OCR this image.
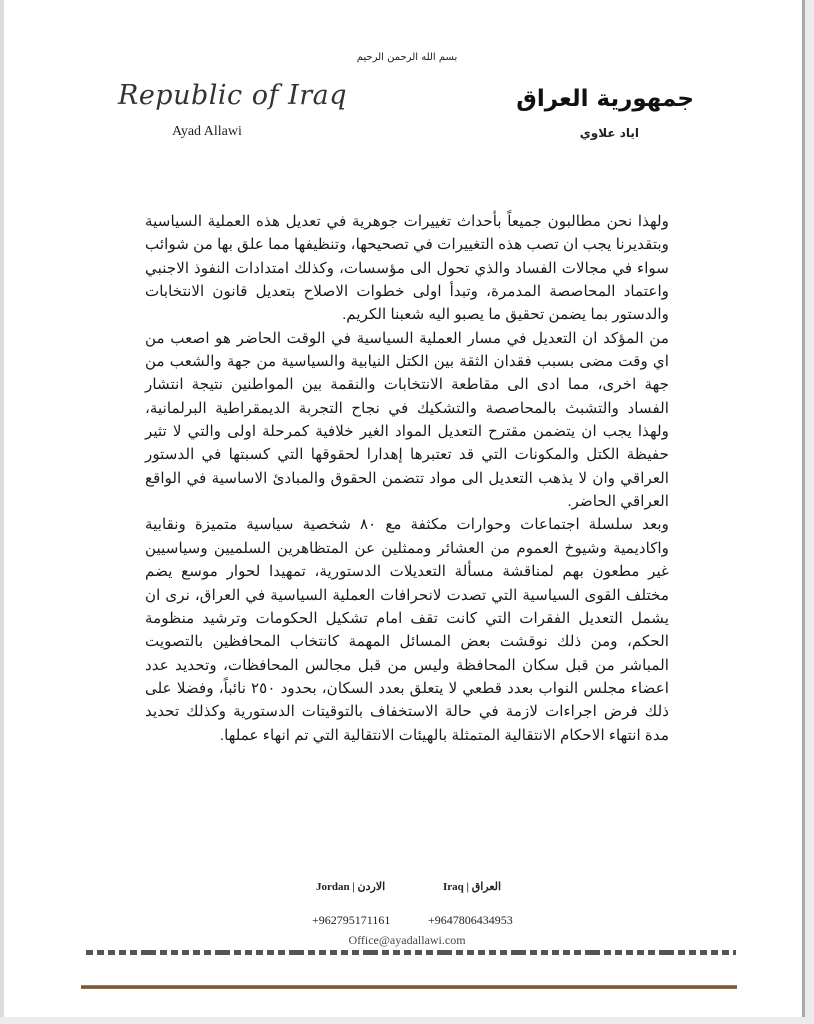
بسم الله الرحمن الرحيم
Republic of Iraq
Ayad Allawi
جمهورية العراق
اياد علاوي

ولهذا نحن مطالبون جميعاً بأحداث تغييرات جوهرية في تعديل هذه العملية السياسية وبتقديرنا يجب ان تصب هذه التغييرات في تصحيحها، وتنظيفها مما علق بها من شوائب سواء في مجالات الفساد والذي تحول الى مؤسسات، وكذلك امتدادات النفوذ الاجنبي واعتماد المحاصصة المدمرة، وتبدأ اولى خطوات الاصلاح بتعديل قانون الانتخابات والدستور بما يضمن تحقيق ما يصبو اليه شعبنا الكريم.

من المؤكد ان التعديل في مسار العملية السياسية في الوقت الحاضر هو اصعب من اي وقت مضى بسبب فقدان الثقة بين الكتل النيابية والسياسية من جهة والشعب من جهة اخرى، مما ادى الى مقاطعة الانتخابات والنقمة بين المواطنين نتيجة انتشار الفساد والتشبث بالمحاصصة والتشكيك في نجاح التجربة الديمقراطية البرلمانية، ولهذا يجب ان يتضمن مقترح التعديل المواد الغير خلافية كمرحلة اولى والتي لا تثير حفيظة الكتل والمكونات التي قد تعتبرها إهدارا لحقوقها التي كسبتها في الدستور العراقي وان لا يذهب التعديل الى مواد تتضمن الحقوق والمبادئ الاساسية في الواقع العراقي الحاضر.

وبعد سلسلة اجتماعات وحوارات مكثفة مع ٨٠ شخصية سياسية متميزة ونقابية واكاديمية وشيوخ العموم من العشائر وممثلين عن المتظاهرين السلميين وسياسيين غير مطعون بهم لمناقشة مسألة التعديلات الدستورية، تمهيدا لحوار موسع يضم مختلف القوى السياسية التي تصدت لانحرافات العملية السياسية في العراق، نرى ان يشمل التعديل الفقرات التي كانت تقف امام تشكيل الحكومات وترشيد منظومة الحكم، ومن ذلك نوقشت بعض المسائل المهمة كانتخاب المحافظين بالتصويت المباشر من قبل سكان المحافظة وليس من قبل مجالس المحافظات، وتحديد عدد اعضاء مجلس النواب بعدد قطعي لا يتعلق بعدد السكان، بحدود ٢٥٠ نائباً، وفضلا على ذلك فرض اجراءات لازمة في حالة الاستخفاف بالتوقيتات الدستورية وكذلك تحديد مدة انتهاء الاحكام الانتقالية المتمثلة بالهيئات الانتقالية التي تم انهاء عملها.

Jordan | الاردن	Iraq | العراق
+962795171161	+9647806434953
Office@ayadallawi.com
